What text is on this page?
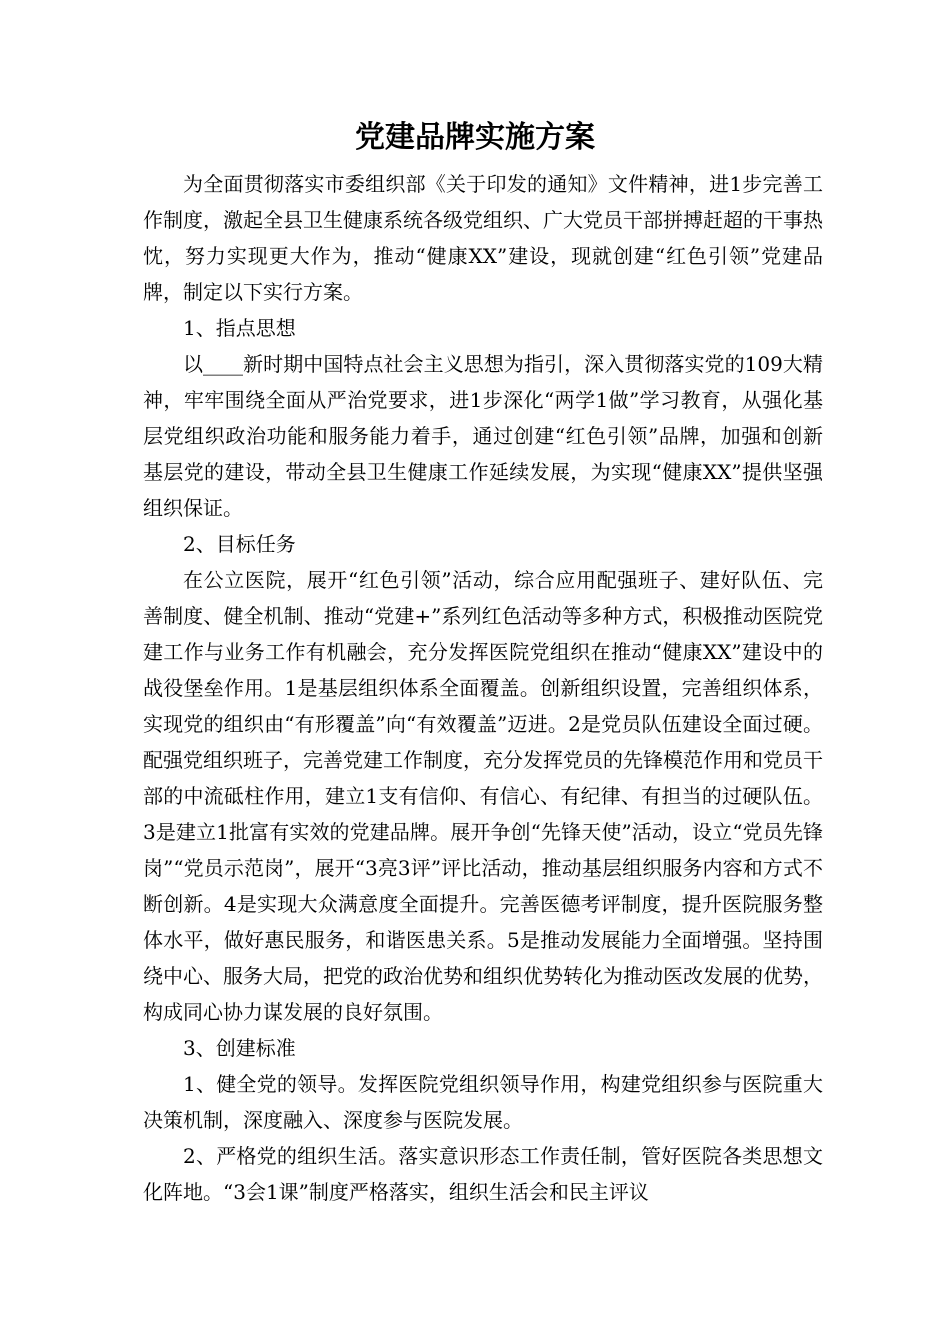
党建品牌实施方案

为全面贯彻落实市委组织部《关于印发的通知》文件精神，进1步完善工作制度，激起全县卫生健康系统各级党组织、广大党员干部拼搏赶超的干事热忱，努力实现更大作为，推动“健康XX”建设，现就创建“红色引领”党建品牌，制定以下实行方案。

1、指点思想

以____新时期中国特点社会主义思想为指引，深入贯彻落实党的109大精神，牢牢围绕全面从严治党要求，进1步深化“两学1做”学习教育，从强化基层党组织政治功能和服务能力着手，通过创建“红色引领”品牌，加强和创新基层党的建设，带动全县卫生健康工作延续发展，为实现“健康XX”提供坚强组织保证。

2、目标任务

在公立医院，展开“红色引领”活动，综合应用配强班子、建好队伍、完善制度、健全机制、推动“党建+”系列红色活动等多种方式，积极推动医院党建工作与业务工作有机融会，充分发挥医院党组织在推动“健康XX”建设中的战役堡垒作用。1是基层组织体系全面覆盖。创新组织设置，完善组织体系，实现党的组织由“有形覆盖”向“有效覆盖”迈进。2是党员队伍建设全面过硬。配强党组织班子，完善党建工作制度，充分发挥党员的先锋模范作用和党员干部的中流砥柱作用，建立1支有信仰、有信心、有纪律、有担当的过硬队伍。3是建立1批富有实效的党建品牌。展开争创“先锋天使”活动，设立“党员先锋岗”“党员示范岗”，展开“3亮3评”评比活动，推动基层组织服务内容和方式不断创新。4是实现大众满意度全面提升。完善医德考评制度，提升医院服务整体水平，做好惠民服务，和谐医患关系。5是推动发展能力全面增强。坚持围绕中心、服务大局，把党的政治优势和组织优势转化为推动医改发展的优势，构成同心协力谋发展的良好氛围。

3、创建标准

1、健全党的领导。发挥医院党组织领导作用，构建党组织参与医院重大决策机制，深度融入、深度参与医院发展。

2、严格党的组织生活。落实意识形态工作责任制，管好医院各类思想文化阵地。“3会1课”制度严格落实，组织生活会和民主评议
